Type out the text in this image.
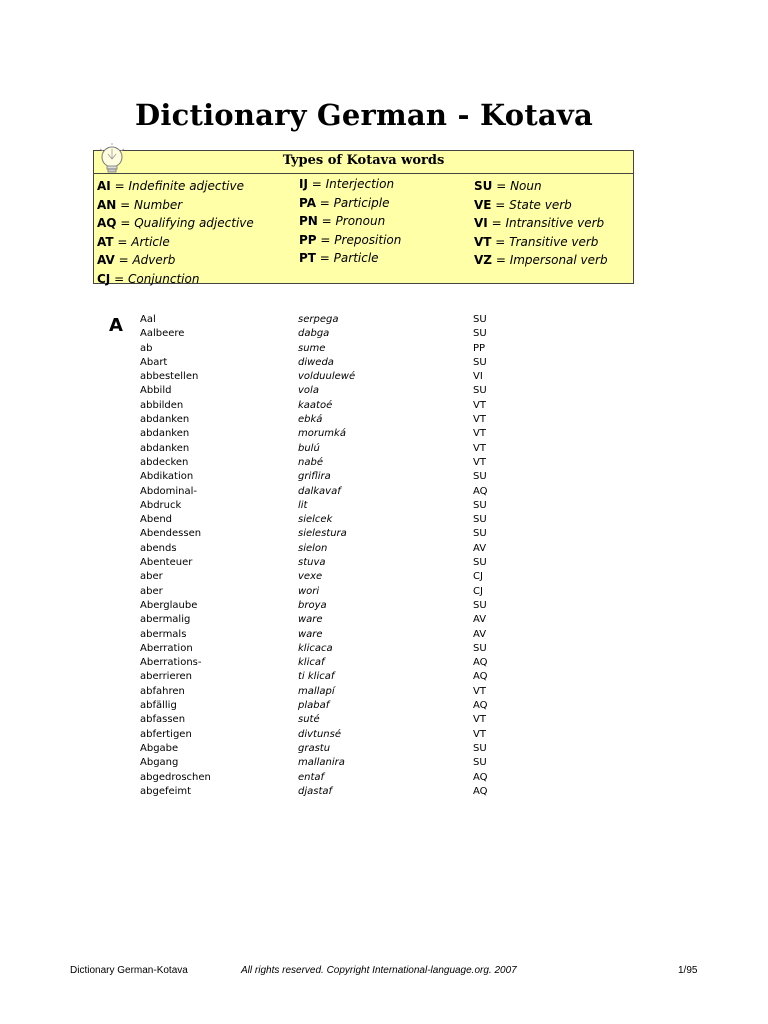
Dictionary German - Kotava
Types of Kotava words
AI = Indefinite adjective
AN = Number
AQ = Qualifying adjective
AT = Article
AV = Adverb
CJ = Conjunction
IJ = Interjection
PA = Participle
PN = Pronoun
PP = Preposition
PT = Particle
SU = Noun
VE = State verb
VI = Intransitive verb
VT = Transitive verb
VZ = Impersonal verb
A Aal	serpega	SU
Aalbeere	dabga	SU
ab	sume	PP
Abart	diweda	SU
abbestellen	volduulewé	VI
Abbild	vola	SU
abbilden	kaatoé	VT
abdanken	ebká	VT
abdanken	morumká	VT
abdanken	bulú	VT
abdecken	nabé	VT
Abdikation	griflira	SU
Abdominal-	dalkavaf	AQ
Abdruck	lit	SU
Abend	sielcek	SU
Abendessen	sielestura	SU
abends	sielon	AV
Abenteuer	stuva	SU
aber	vexe	CJ
aber	wori	CJ
Aberglaube	broya	SU
abermalig	ware	AV
abermals	ware	AV
Aberration	klicaca	SU
Aberrations-	klicaf	AQ
aberrieren	ti klicaf	AQ
abfahren	mallapí	VT
abfällig	plabaf	AQ
abfassen	suté	VT
abfertigen	divtunsé	VT
Abgabe	grastu	SU
Abgang	mallanira	SU
abgedroschen	entaf	AQ
abgefeimt	djastaf	AQ
Dictionary German-Kotava	All rights reserved. Copyright International-language.org. 2007	1/95
